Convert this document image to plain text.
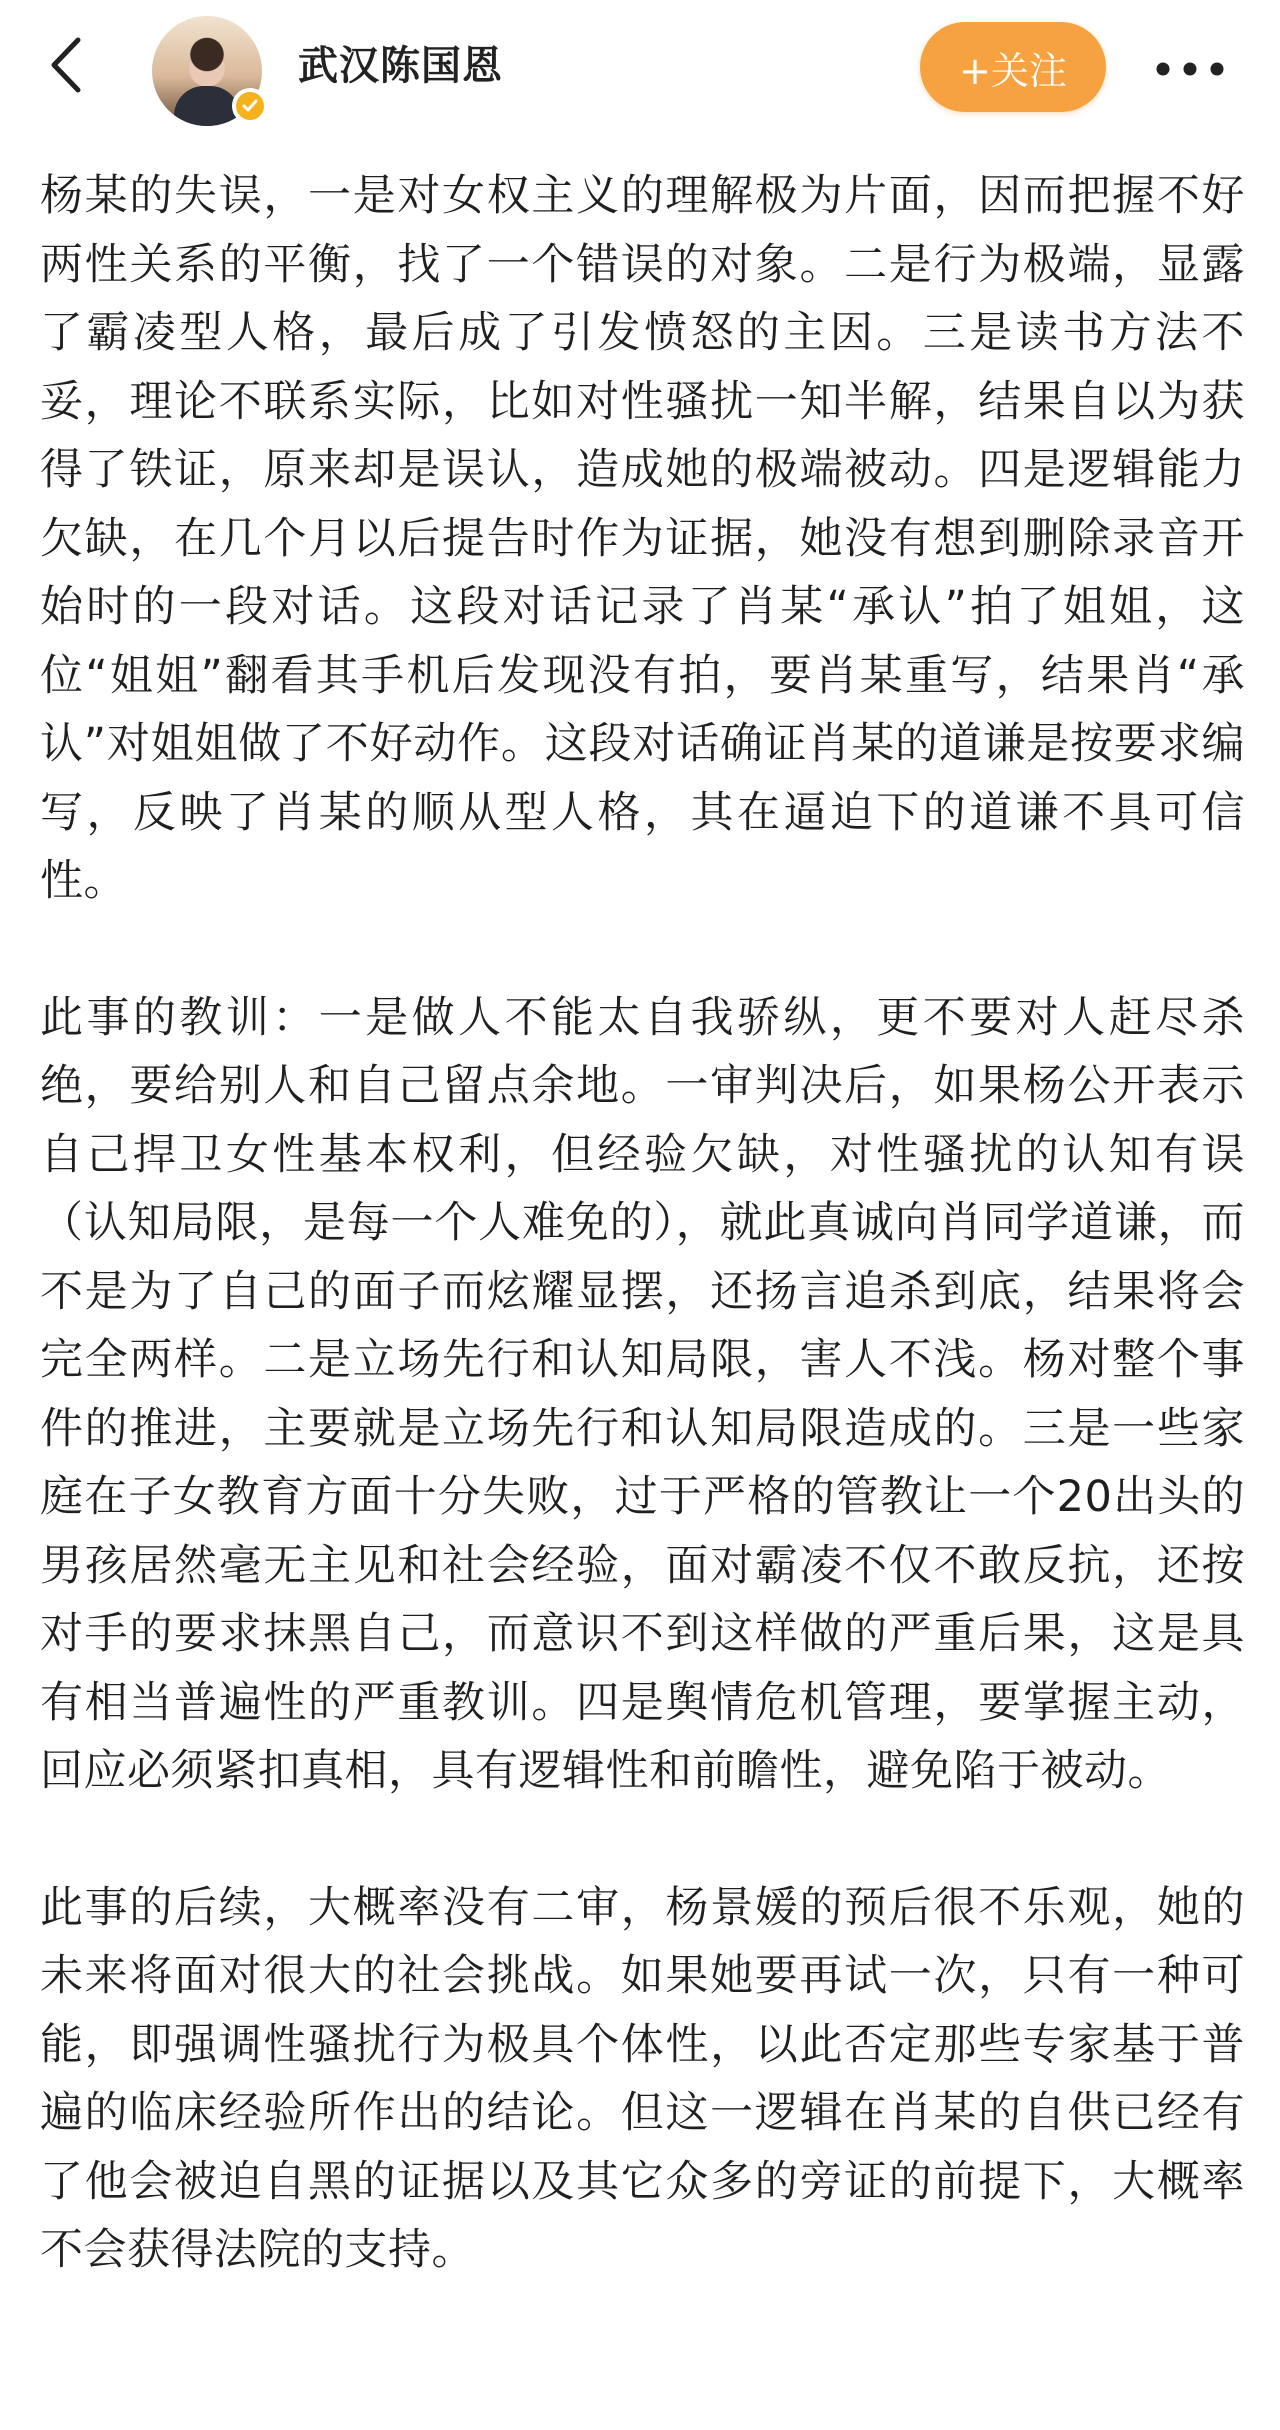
武汉陈国恩	+关注

杨某的失误，一是对女权主义的理解极为片面，因而把握不好两性关系的平衡，找了一个错误的对象。二是行为极端，显露了霸凌型人格，最后成了引发愤怒的主因。三是读书方法不妥，理论不联系实际，比如对性骚扰一知半解，结果自以为获得了铁证，原来却是误认，造成她的极端被动。四是逻辑能力欠缺，在几个月以后提告时作为证据，她没有想到删除录音开始时的一段对话。这段对话记录了肖某“承认”拍了姐姐，这位“姐姐”翻看其手机后发现没有拍，要肖某重写，结果肖“承认”对姐姐做了不好动作。这段对话确证肖某的道谦是按要求编写，反映了肖某的顺从型人格，其在逼迫下的道谦不具可信性。

此事的教训：一是做人不能太自我骄纵，更不要对人赶尽杀绝，要给别人和自己留点余地。一审判决后，如果杨公开表示自己捍卫女性基本权利，但经验欠缺，对性骚扰的认知有误（认知局限，是每一个人难免的），就此真诚向肖同学道谦，而不是为了自己的面子而炫耀显摆，还扬言追杀到底，结果将会完全两样。二是立场先行和认知局限，害人不浅。杨对整个事件的推进，主要就是立场先行和认知局限造成的。三是一些家庭在子女教育方面十分失败，过于严格的管教让一个20出头的男孩居然毫无主见和社会经验，面对霸凌不仅不敢反抗，还按对手的要求抹黑自己，而意识不到这样做的严重后果，这是具有相当普遍性的严重教训。四是舆情危机管理，要掌握主动，回应必须紧扣真相，具有逻辑性和前瞻性，避免陷于被动。

此事的后续，大概率没有二审，杨景媛的预后很不乐观，她的未来将面对很大的社会挑战。如果她要再试一次，只有一种可能，即强调性骚扰行为极具个体性，以此否定那些专家基于普遍的临床经验所作出的结论。但这一逻辑在肖某的自供已经有了他会被迫自黑的证据以及其它众多的旁证的前提下，大概率不会获得法院的支持。
